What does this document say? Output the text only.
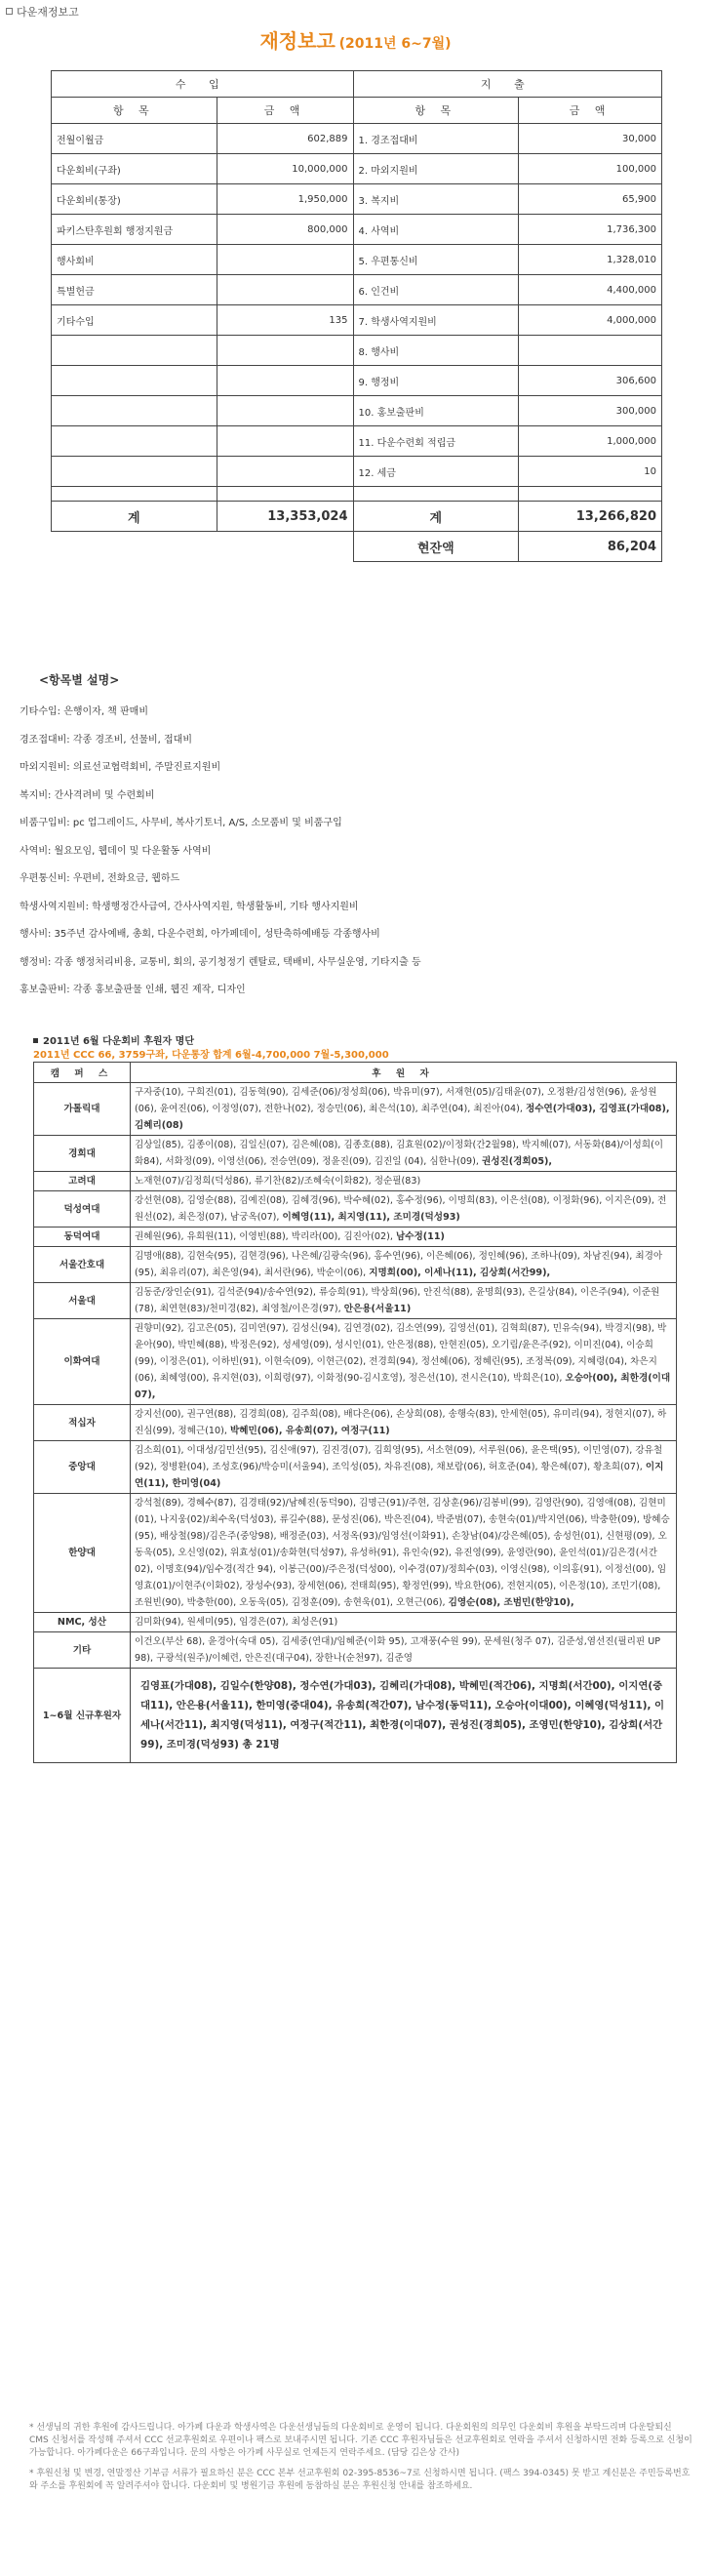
다운재정보고
재정보고 (2011년 6~7월)
수 입		지 출	
항 목	금 액	항 목	금 액
전월이월금	602,889	1. 경조접대비	30,000
다운회비(구좌)	10,000,000	2. 마외지원비	100,000
다운회비(통장)	1,950,000	3. 복지비	65,900
파키스탄후원회 행정지원금	800,000	4. 사역비	1,736,300
행사회비		5. 우편통신비	1,328,010
특별헌금		6. 인건비	4,400,000
기타수입	135	7. 학생사역지원비	4,000,000
		8. 행사비	
		9. 행정비	306,600
		10. 홍보출판비	300,000
		11. 다운수련회 적립금	1,000,000
		12. 세금	10

계	13,353,024	계	13,266,820
		현잔액	86,204
<항목별 설명>
기타수입: 은행이자, 책 판매비
경조접대비: 각종 경조비, 선물비, 접대비
마외지원비: 의료선교협력회비, 주말진료지원비
복지비: 간사격려비 및 수련회비
비품구입비: pc 업그레이드, 사무비, 복사기토너, A/S, 소모품비 및 비품구입
사역비: 월요모임, 웹데이 및 다운활동 사역비
우편통신비: 우편비, 전화요금, 웹하드
학생사역지원비: 학생행정간사급여, 간사사역지원, 학생활동비, 기타 행사지원비
행사비: 35주년 감사예배, 총회, 다운수련회, 아가페데이, 성탄축하예배등 각종행사비
행정비: 각종 행정처리비용, 교통비, 회의, 공기청정기 렌탈료, 택배비, 사무실운영, 기타지출 등
홍보출판비: 각종 홍보출판물 인쇄, 웹진 제작, 디자인
2011년 6월 다운회비 후원자 명단
2011년 CCC 66, 3759구좌, 다운통장 합계 6월-4,700,000 7월-5,300,000
캠 퍼 스	후 원 자
가톨릭대	구자중(10), 구희진(01), 김동혁(90), 김세준(06)/정성희(06), 박유미(97), 서재현(05)/김태윤(07), 오정환/김성현(96), 윤성원(06), 윤여진(06), 이정영(07), 전한나(02), 정승민(06), 최은석(10), 최주연(04), 최진아(04), 정수연(가대03), 김영표(가대08), 김혜리(08)
경희대	김상일(85), 김종이(08), 김일신(07), 김은혜(08), 김종호(88), 김효원(02)/이정화(간2월98), 박지혜(07), 서동화(84)/이성희(이화84), 서화정(09), 이영선(06), 전승연(09), 정윤진(09), 김진일 (04), 심한나(09), 권성진(경희05),
고려대	노재현(07)/김정희(덕성86), 류기찬(82)/조혜숙(이화82), 정순필(83)
덕성여대	강선현(08), 김영순(88), 김예진(08), 김혜경(96), 박수혜(02), 홍수정(96), 이명희(83), 이은선(08), 이정화(96), 이지은(09), 전원선(02), 최은정(07), 남궁옥(07), 이혜영(11), 최지영(11), 조미경(덕성93)
동덕여대	권혜원(96), 유희원(11), 이영빈(88), 박리라(00), 김진아(02), 남수정(11)
서울간호대	김명애(88), 김현숙(95), 김현경(96), 나은혜/김광숙(96), 홍수연(96), 이은혜(06), 정인혜(96), 조하나(09), 차남진(94), 최경아(95), 최유리(07), 최은영(94), 최서란(96), 박순이(06), 지명희(00), 이세나(11), 김상희(서간99),
서울대	김동준/장인순(91), 김석준(94)/송수연(92), 류승희(91), 박상희(96), 안진석(88), 윤명희(93), 은길상(84), 이은주(94), 이준원(78), 최연현(83)/천미경(82), 최영철/이은경(97), 안은용(서울11)
이화여대	권향미(92), 김고은(05), 김미연(97), 김성신(94), 김연경(02), 김소연(99), 김영선(01), 김혁희(87), 민유숙(94), 박경지(98), 박윤아(90), 박민혜(88), 박정은(92), 성세영(09), 성시인(01), 안은정(88), 안현진(05), 오기림/윤은주(92), 이미진(04), 이승희(99), 이정은(01), 이하빈(91), 이현숙(09), 이현근(02), 전경희(94), 정선혜(06), 정혜린(95), 조정복(09), 지혜령(04), 차은지(06), 최혜영(00), 유지현(03), 이희령(97), 이화정(90-김시호영), 정은선(10), 전시은(10), 박희은(10), 오승아(00), 최한경(이대07),
적십자	강지선(00), 권구연(88), 김경희(08), 김주희(08), 배다은(06), 손상희(08), 송행숙(83), 안세현(05), 유미리(94), 정현지(07), 하진심(99), 정혜근(10), 박혜민(06), 유송희(07), 여정구(11)
중앙대	김소희(01), 이대성/김민선(95), 김신애(97), 김진경(07), 김희영(95), 서소현(09), 서루원(06), 윤은택(95), 이민영(07), 강유철(92), 정병환(04), 조성호(96)/박승미(서울94), 조익성(05), 차유진(08), 채보람(06), 허호준(04), 황은혜(07), 황초희(07), 이지연(11), 한미영(04)
한양대	강석철(89), 경혜수(87), 김경태(92)/남혜진(동덕90), 김명근(91)/주현, 김상훈(96)/김봉비(99), 김영란(90), 김영애(08), 김현미(01), 나지웅(02)/최수옥(덕성03), 류길수(88), 문성진(06), 박은진(04), 박준범(07), 송현숙(01)/박지연(06), 박충한(09), 방혜승(95), 배상철(98)/김은주(중앙98), 배정준(03), 서정옥(93)/임영선(이화91), 손창남(04)/강은혜(05), 송성헌(01), 신현평(09), 오동욱(05), 오신영(02), 위효성(01)/송화현(덕성97), 유성하(91), 유인숙(92), 유진영(99), 윤영란(90), 윤인석(01)/김은경(서간02), 이명호(94)/임수경(적간 94), 이봉근(00)/주은정(덕성00), 이수경(07)/정희수(03), 이영신(98), 이의홍(91), 이정선(00), 임영효(01)/이현주(이화02), 장성수(93), 장세현(06), 전태희(95), 황정연(99), 박요한(06), 전현지(05), 이은정(10), 조민기(08), 조원빈(90), 박충한(00), 오동욱(05), 김정훈(09), 송현욱(01), 오현근(06), 김영순(08), 조범민(한양10),
NMC, 성산	김미화(94), 원세미(95), 임경은(07), 최성은(91)
기타	이건오(부산 68), 윤경아(숙대 05), 김세중(연대)/임혜준(이화 95), 고재풍(수원 99), 문세원(청주 07), 김준성,염선진(필리핀 UP 98), 구광석(원주)/이혜련, 안은진(대구04), 장한나(순천97), 김준영
1~6월 신규후원자	김영표(가대08), 김일수(한양08), 정수연(가대03), 김혜리(가대08), 박혜민(적간06), 지명희(서간00), 이지연(중대11), 안은용(서울11), 한미영(중대04), 유송희(적간07), 남수정(동덕11), 오승아(이대00), 이혜영(덕성11), 이세나(서간11), 최지영(덕성11), 여정구(적간11), 최한경(이대07), 권성진(경희05), 조영민(한양10), 김상희(서간99), 조미경(덕성93) 총 21명

* 선생님의 귀한 후원에 감사드립니다. 아가페 다운과 학생사역은 다운선생님들의 다운회비로 운영이 됩니다. 다운회원의 의무인 다운회비 후원을 부탁드리며 다운탈퇴신 CMS 신청서를 작성해 주셔서 CCC 선교후원회로 우편이나 팩스로 보내주시면 됩니다. 기존 CCC 후원자님들은 선교후원회로 연락을 주셔서 신청하시면 전화 등록으로 신청이 가능합니다. 아가페다운은 66구좌입니다. 문의 사항은 아가페 사무실로 언제든지 연락주세요. (담당 김은상 간사)

* 후원신청 및 변경, 연말정산 기부금 서류가 필요하신 분은 CCC 본부 선교후원회 02-395-8536~7로 신청하시면 됩니다. (팩스 394-0345) 못 받고 계신분은 주민등록번호와 주소를 후원회에 꼭 알려주셔야 합니다. 다운회비 및 병원기금 후원에 동참하실 분은 후원신청 안내를 참조하세요.
